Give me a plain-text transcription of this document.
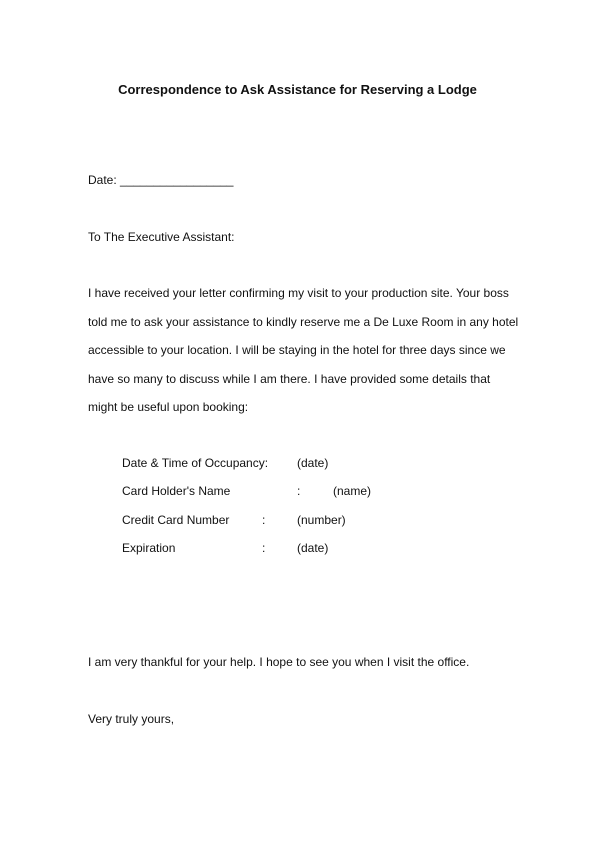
Correspondence to Ask Assistance for Reserving a Lodge
Date: _________________
To The Executive Assistant:
I have received your letter confirming my visit to your production site. Your boss
told me to ask your assistance to kindly reserve me a De Luxe Room in any hotel
accessible to your location. I will be staying in the hotel for three days since we
have so many to discuss while I am there. I have provided some details that
might be useful upon booking:
Date & Time of Occupancy: (date)
Card Holder's Name	:	(name)
Credit Card Number	:	(number)
Expiration	:	(date)
I am very thankful for your help. I hope to see you when I visit the office.
Very truly yours,
